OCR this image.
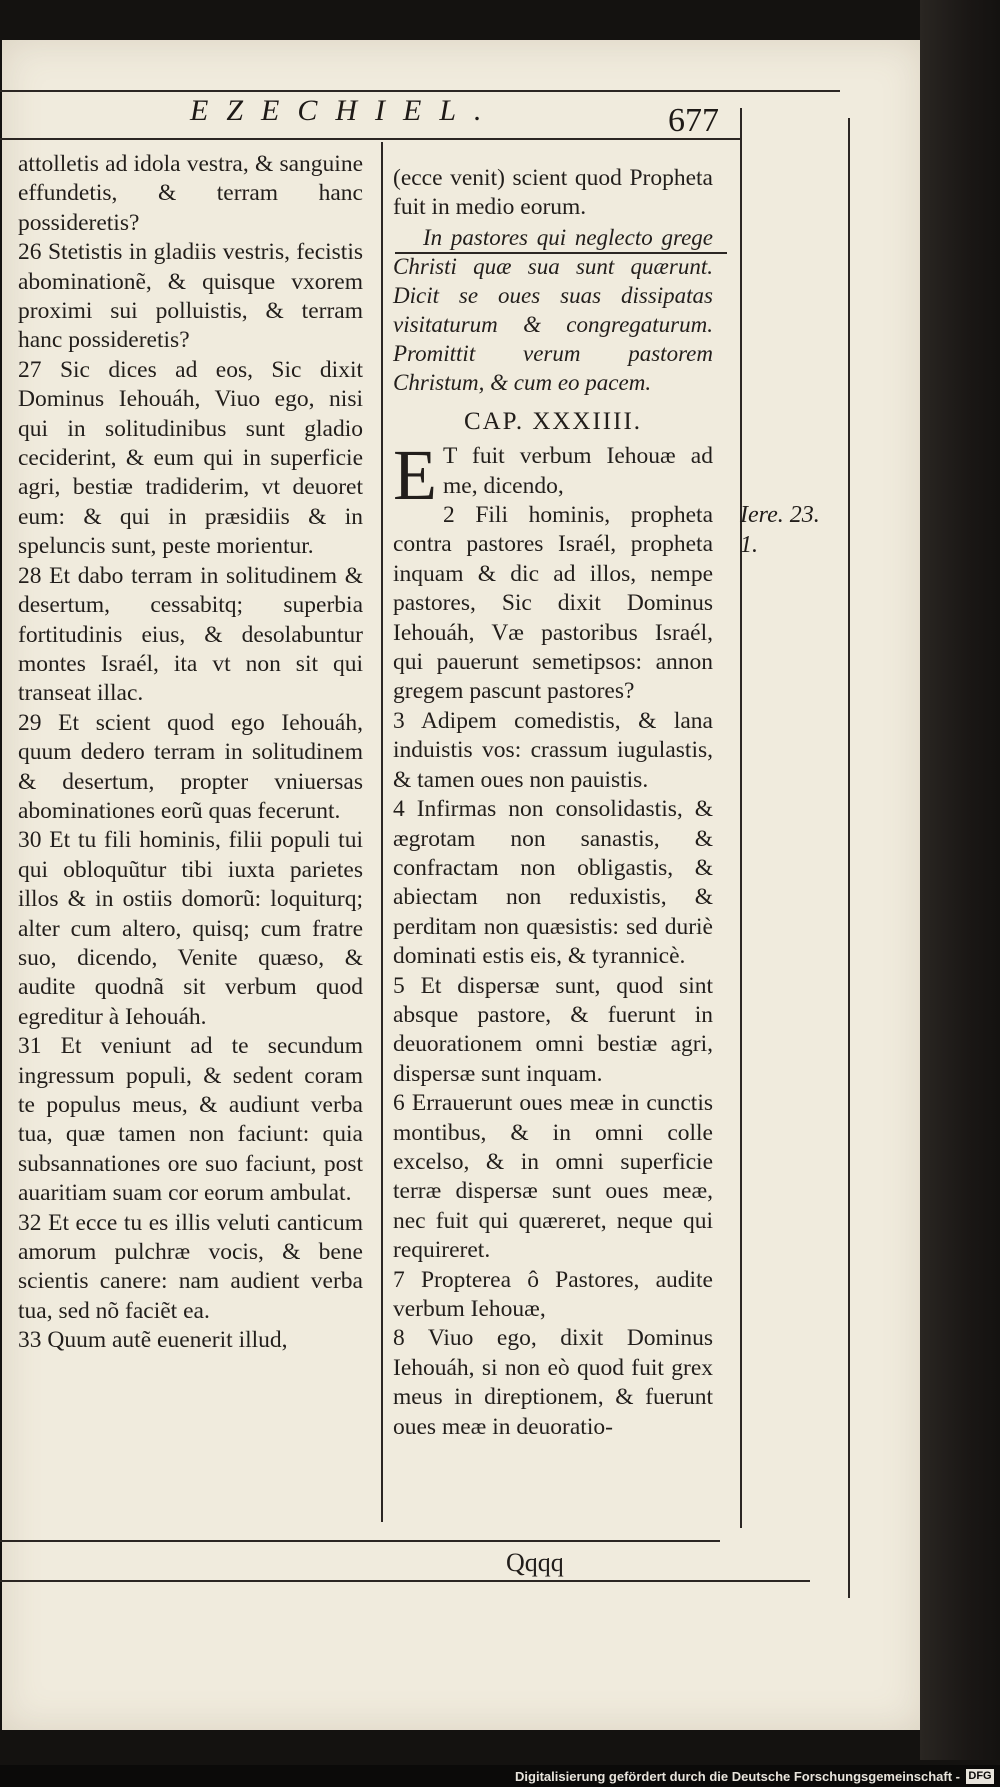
EZECHIEL.	677

attolletis ad idola vestra, & sanguine effundetis, & terram hanc possideretis?

26 Stetistis in gladiis vestris, fecistis abominationẽ, & quisque vxorem proximi sui polluistis, & terram hanc possideretis?

27 Sic dices ad eos, Sic dixit Dominus Iehouáh, Viuo ego, nisi qui in solitudinibus sunt gladio ceciderint, & eum qui in superficie agri, bestiæ tradiderim, vt deuoret eum: & qui in præsidiis & in speluncis sunt, peste morientur.

28 Et dabo terram in solitudinem & desertum, cessabitq; superbia fortitudinis eius, & desolabuntur montes Israél, ita vt non sit qui transeat illac.

29 Et scient quod ego Iehouáh, quum dedero terram in solitudinem & desertum, propter vniuersas abominationes eorũ quas fecerunt.

30 Et tu fili hominis, filii populi tui qui obloquũtur tibi iuxta parietes illos & in ostiis domorũ: loquiturq; alter cum altero, quisq; cum fratre suo, dicendo, Venite quæso, & audite quodnã sit verbum quod egreditur à Iehouáh.

31 Et veniunt ad te secundum ingressum populi, & sedent coram te populus meus, & audiunt verba tua, quæ tamen non faciunt: quia subsannationes ore suo faciunt, post auaritiam suam cor eorum ambulat.

32 Et ecce tu es illis veluti canticum amorum pulchræ vocis, & bene scientis canere: nam audient verba tua, sed nõ faciẽt ea.

33 Quum autẽ euenerit illud,

(ecce venit) scient quod Propheta fuit in medio eorum.

In pastores qui neglecto grege Christi quæ sua sunt quærunt. Dicit se oues suas dissipatas visitaturum & congregaturum. Promittit verum pastorem Christum, & cum eo pacem.

CAP. XXXIIII.

E T fuit verbum Iehouæ ad me, dicendo,

2 Fili hominis, propheta contra pastores Israél, propheta inquam & dic ad illos, nempe pastores, Sic dixit Dominus Iehouáh, Væ pastoribus Israél, qui pauerunt semetipsos: annon gregem pascunt pastores?

3 Adipem comedistis, & lana induistis vos: crassum iugulastis, & tamen oues non pauistis.

4 Infirmas non consolidastis, & ægrotam non sanastis, & confractam non obligastis, & abiectam non reduxistis, & perditam non quæsistis: sed duriè dominati estis eis, & tyrannicè.

5 Et dispersæ sunt, quod sint absque pastore, & fuerunt in deuorationem omni bestiæ agri, dispersæ sunt inquam.

6 Errauerunt oues meæ in cunctis montibus, & in omni colle excelso, & in omni superficie terræ dispersæ sunt oues meæ, nec fuit qui quæreret, neque qui requireret.

7 Propterea ô Pastores, audite verbum Iehouæ,

8 Viuo ego, dixit Dominus Iehouáh, si non eò quod fuit grex meus in direptionem, & fuerunt oues meæ in deuoratio-

Iere. 23.
1.
Qqqq
Digitalisierung gefördert durch die Deutsche Forschungsgemeinschaft - DFG
